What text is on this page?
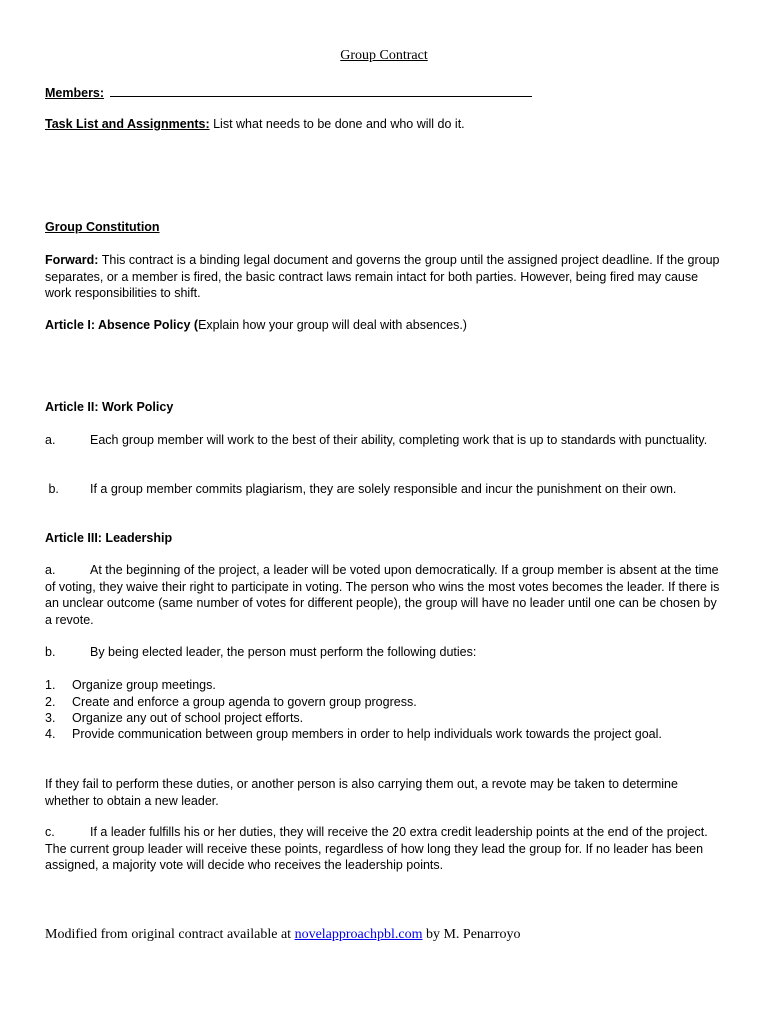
Group Contract

Members:

Task List and Assignments: List what needs to be done and who will do it.

Group Constitution

Forward: This contract is a binding legal document and governs the group until the assigned project deadline. If the group separates, or a member is fired, the basic contract laws remain intact for both parties. However, being fired may cause work responsibilities to shift.

Article I: Absence Policy (Explain how your group will deal with absences.)

Article II: Work Policy

a.	Each group member will work to the best of their ability, completing work that is up to standards with punctuality.

b. If a group member commits plagiarism, they are solely responsible and incur the punishment on their own.

Article III: Leadership

a.	At the beginning of the project, a leader will be voted upon democratically. If a group member is absent at the time of voting, they waive their right to participate in voting. The person who wins the most votes becomes the leader. If there is an unclear outcome (same number of votes for different people), the group will have no leader until one can be chosen by a revote.

b.	By being elected leader, the person must perform the following duties:

1.	Organize group meetings.
2.	Create and enforce a group agenda to govern group progress.
3.	Organize any out of school project efforts.
4.	Provide communication between group members in order to help individuals work towards the project goal.

If they fail to perform these duties, or another person is also carrying them out, a revote may be taken to determine whether to obtain a new leader.

c.	If a leader fulfills his or her duties, they will receive the 20 extra credit leadership points at the end of the project. The current group leader will receive these points, regardless of how long they lead the group for. If no leader has been assigned, a majority vote will decide who receives the leadership points.

Modified from original contract available at novelapproachpbl.com by M. Penarroyo
